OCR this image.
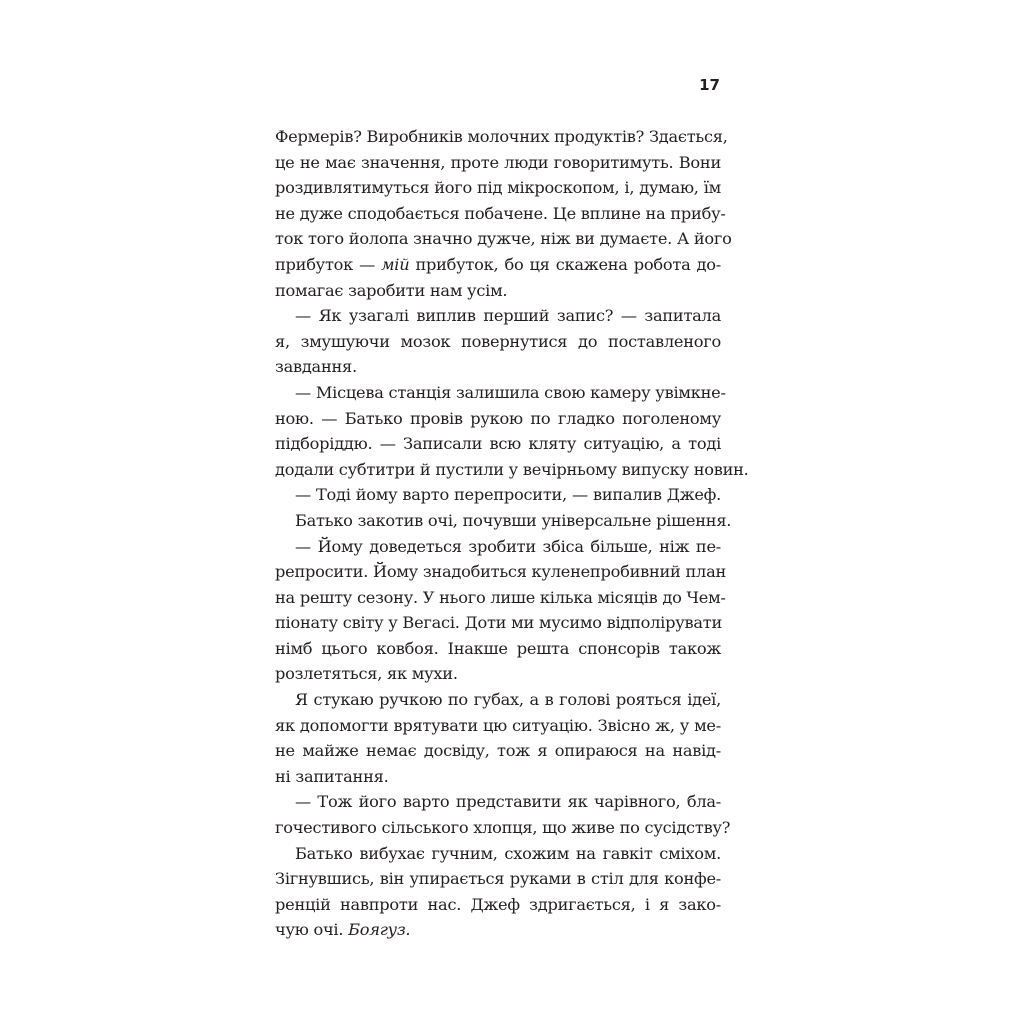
17
Фермерів? Виробників молочних продуктів? Здається,
це не має значення, проте люди говоритимуть. Вони
роздивлятимуться його під мікроскопом, і, думаю, їм
не дуже сподобається побачене. Це вплине на прибу-
ток того йолопа значно дужче, ніж ви думаєте. А його
прибуток — мій прибуток, бо ця скажена робота до-
помагає заробити нам усім.
— Як узагалі виплив перший запис? — запитала
я, змушуючи мозок повернутися до поставленого
завдання.
— Місцева станція залишила свою камеру увімкне-
ною. — Батько провів рукою по гладко поголеному
підборіддю. — Записали всю кляту ситуацію, а тоді
додали субтитри й пустили у вечірньому випуску новин.
— Тоді йому варто перепросити, — випалив Джеф.
Батько закотив очі, почувши універсальне рішення.
— Йому доведеться зробити збіса більше, ніж пе-
репросити. Йому знадобиться куленепробивний план
на решту сезону. У нього лише кілька місяців до Чем-
піонату світу у Вегасі. Доти ми мусимо відполірувати
німб цього ковбоя. Інакше решта спонсорів також
розлетяться, як мухи.
Я стукаю ручкою по губах, а в голові рояться ідеї,
як допомогти врятувати цю ситуацію. Звісно ж, у ме-
не майже немає досвіду, тож я опираюся на навід-
ні запитання.
— Тож його варто представити як чарівного, бла-
гочестивого сільського хлопця, що живе по сусідству?
Батько вибухає гучним, схожим на гавкіт сміхом.
Зігнувшись, він упирається руками в стіл для конфе-
ренцій навпроти нас. Джеф здригається, і я зако-
чую очі. Боягуз.
